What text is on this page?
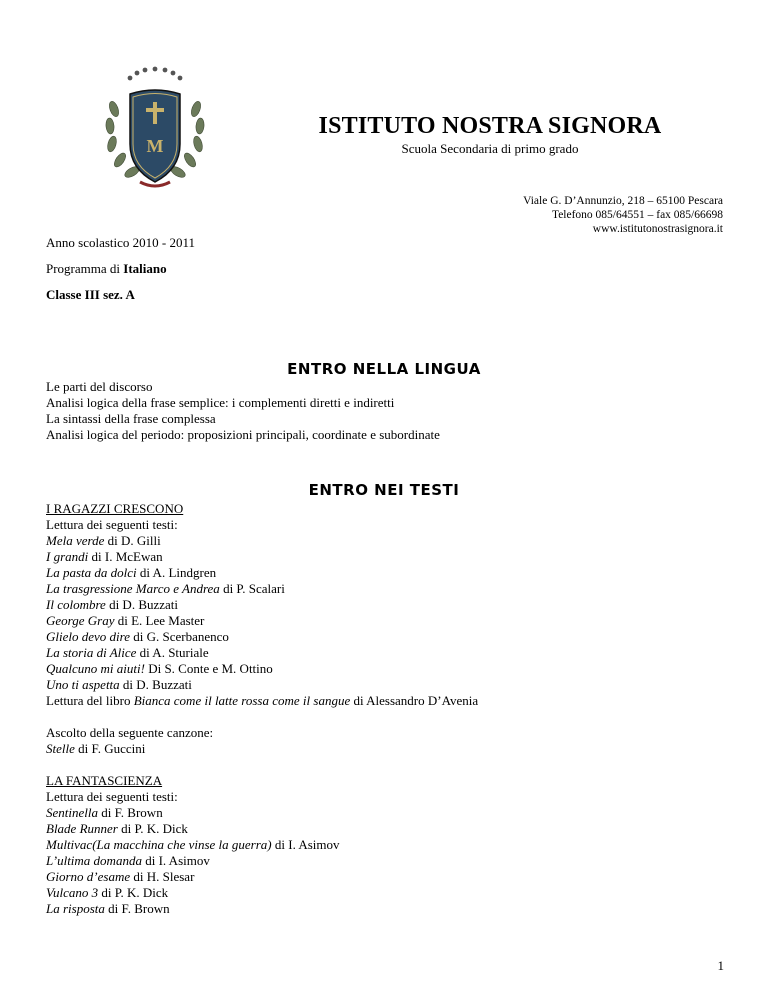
M
ISTITUTO NOSTRA SIGNORA
Scuola Secondaria di primo grado
Viale G. D’Annunzio, 218 – 65100 Pescara
Telefono 085/64551 – fax 085/66698
www.istitutonostrasignora.it
Anno scolastico 2010 - 2011
Programma di Italiano
Classe III sez. A
ENTRO NELLA LINGUA
Le parti del discorso
Analisi logica della frase semplice: i complementi diretti e indiretti
La sintassi della frase complessa
Analisi logica del periodo: proposizioni principali, coordinate e subordinate
ENTRO NEI TESTI
I RAGAZZI CRESCONO
Lettura dei seguenti testi:
Mela verde di D. Gilli
I grandi di I. McEwan
La pasta da dolci di A. Lindgren
La trasgressione Marco e Andrea di P. Scalari
Il colombre di D. Buzzati
George Gray di E. Lee Master
Glielo devo dire di G. Scerbanenco
La storia di Alice di A. Sturiale
Qualcuno mi aiuti! Di S. Conte e M. Ottino
Uno ti aspetta di D. Buzzati
Lettura del libro Bianca come il latte rossa come il sangue di Alessandro D’Avenia
Ascolto della seguente canzone:
Stelle di F. Guccini
LA FANTASCIENZA
Lettura dei seguenti testi:
Sentinella di F. Brown
Blade Runner di P. K. Dick
Multivac(La macchina che vinse la guerra) di I. Asimov
L’ultima domanda di I. Asimov
Giorno d’esame di H. Slesar
Vulcano 3 di P. K. Dick
La risposta di F. Brown
1
